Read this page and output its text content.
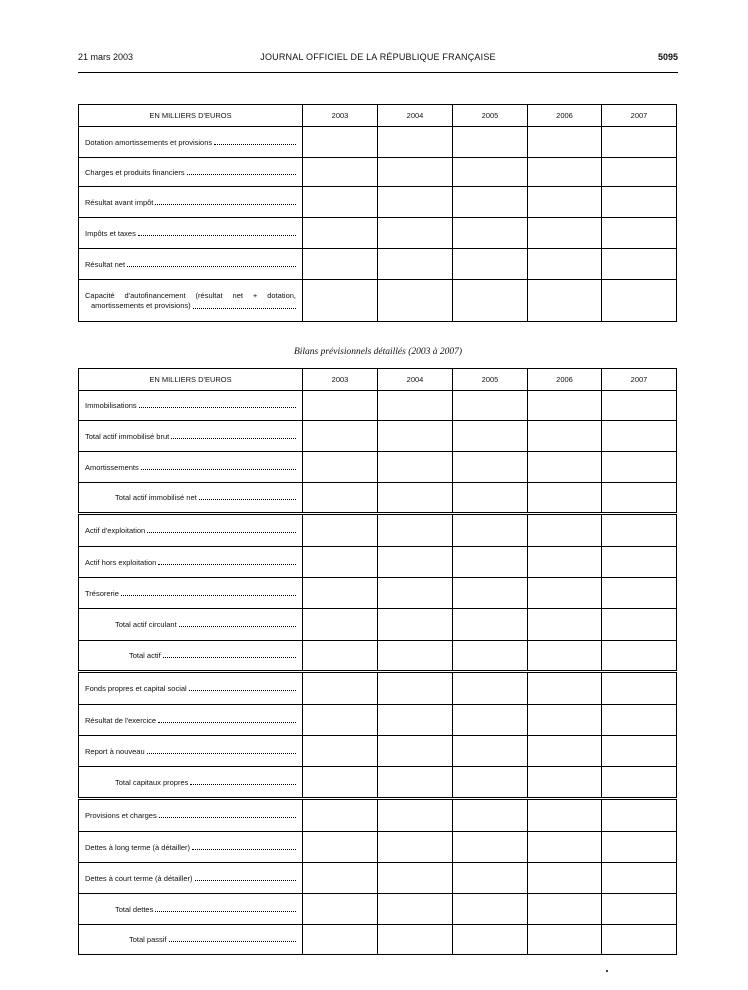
21 mars 2003	JOURNAL OFFICIEL DE LA RÉPUBLIQUE FRANÇAISE	5095
EN MILLIERS D'EUROS	2003	2004	2005	2006	2007

Dotation amortissements et provisions					

Charges et produits financiers					

Résultat avant impôt					

Impôts et taxes					

Résultat net					

Capacité d'autofinancement (résultat net + dotation,
amortissements et provisions)					

Bilans prévisionnels détaillés (2003 à 2007)
EN MILLIERS D'EUROS	2003	2004	2005	2006	2007

Immobilisations					

Total actif immobilisé brut					

Amortissements					

Total actif immobilisé net					

Actif d'exploitation					

Actif hors exploitation					

Trésorerie					

Total actif circulant					

Total actif					

Fonds propres et capital social					

Résultat de l'exercice					

Report à nouveau					

Total capitaux propres					

Provisions et charges					

Dettes à long terme (à détailler)					

Dettes à court terme (à détailler)					

Total dettes					

Total passif					
